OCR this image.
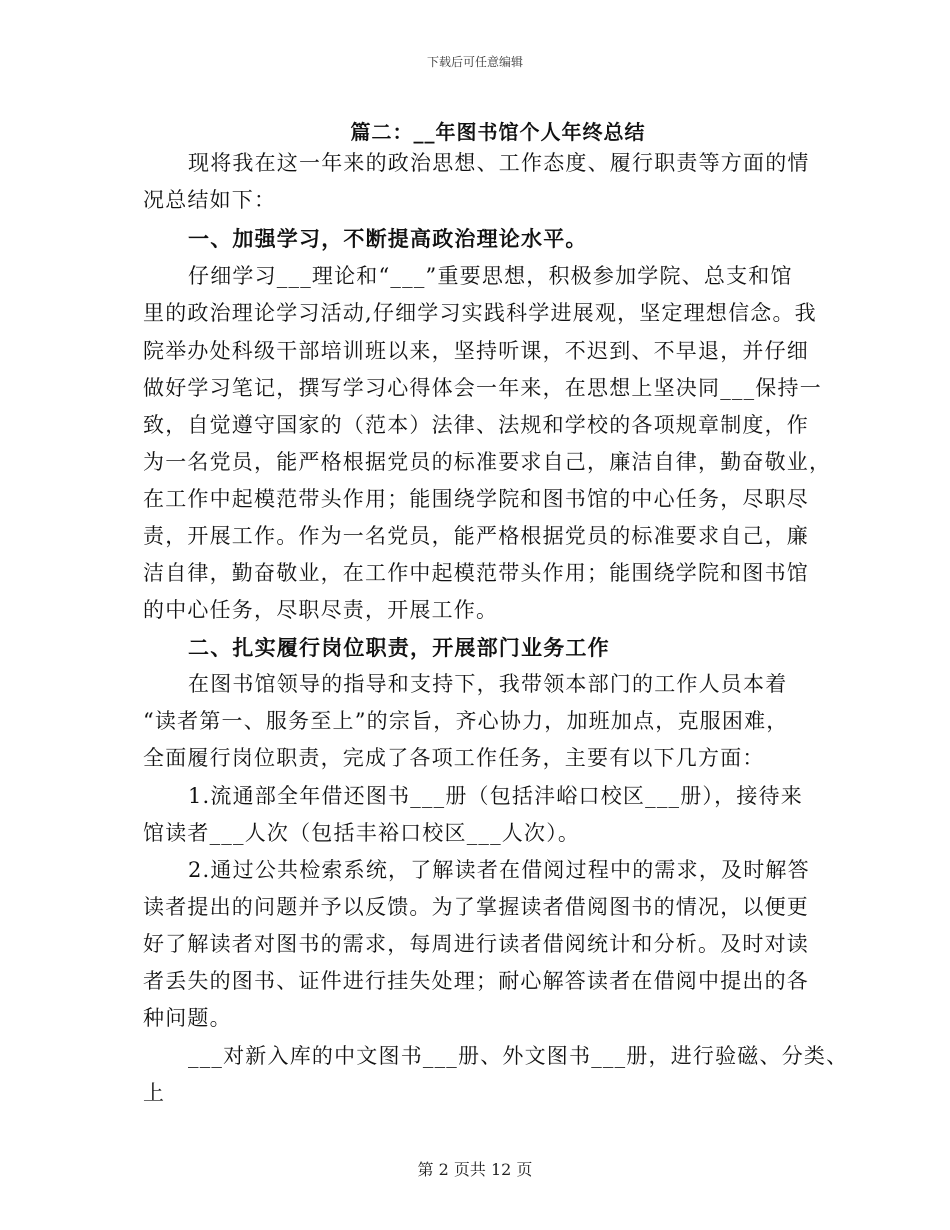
下载后可任意编辑
篇二：__年图书馆个人年终总结
现将我在这一年来的政治思想、工作态度、履行职责等方面的情
况总结如下：
一、加强学习，不断提高政治理论水平。
仔细学习___理论和“___”重要思想，积极参加学院、总支和馆
里的政治理论学习活动,仔细学习实践科学进展观，坚定理想信念。我
院举办处科级干部培训班以来，坚持听课，不迟到、不早退，并仔细
做好学习笔记，撰写学习心得体会一年来，在思想上坚决同___保持一
致，自觉遵守国家的（范本）法律、法规和学校的各项规章制度，作
为一名党员，能严格根据党员的标准要求自己，廉洁自律，勤奋敬业，
在工作中起模范带头作用；能围绕学院和图书馆的中心任务，尽职尽
责，开展工作。作为一名党员，能严格根据党员的标准要求自己，廉
洁自律，勤奋敬业，在工作中起模范带头作用；能围绕学院和图书馆
的中心任务，尽职尽责，开展工作。
二、扎实履行岗位职责，开展部门业务工作
在图书馆领导的指导和支持下，我带领本部门的工作人员本着
“读者第一、服务至上”的宗旨，齐心协力，加班加点，克服困难，
全面履行岗位职责，完成了各项工作任务，主要有以下几方面：
1.流通部全年借还图书___册（包括沣峪口校区___册），接待来
馆读者___人次（包括丰裕口校区___人次）。
2.通过公共检索系统，了解读者在借阅过程中的需求，及时解答
读者提出的问题并予以反馈。为了掌握读者借阅图书的情况，以便更
好了解读者对图书的需求，每周进行读者借阅统计和分析。及时对读
者丢失的图书、证件进行挂失处理；耐心解答读者在借阅中提出的各
种问题。
___对新入库的中文图书___册、外文图书___册，进行验磁、分类、
上
第 2 页共 12 页
